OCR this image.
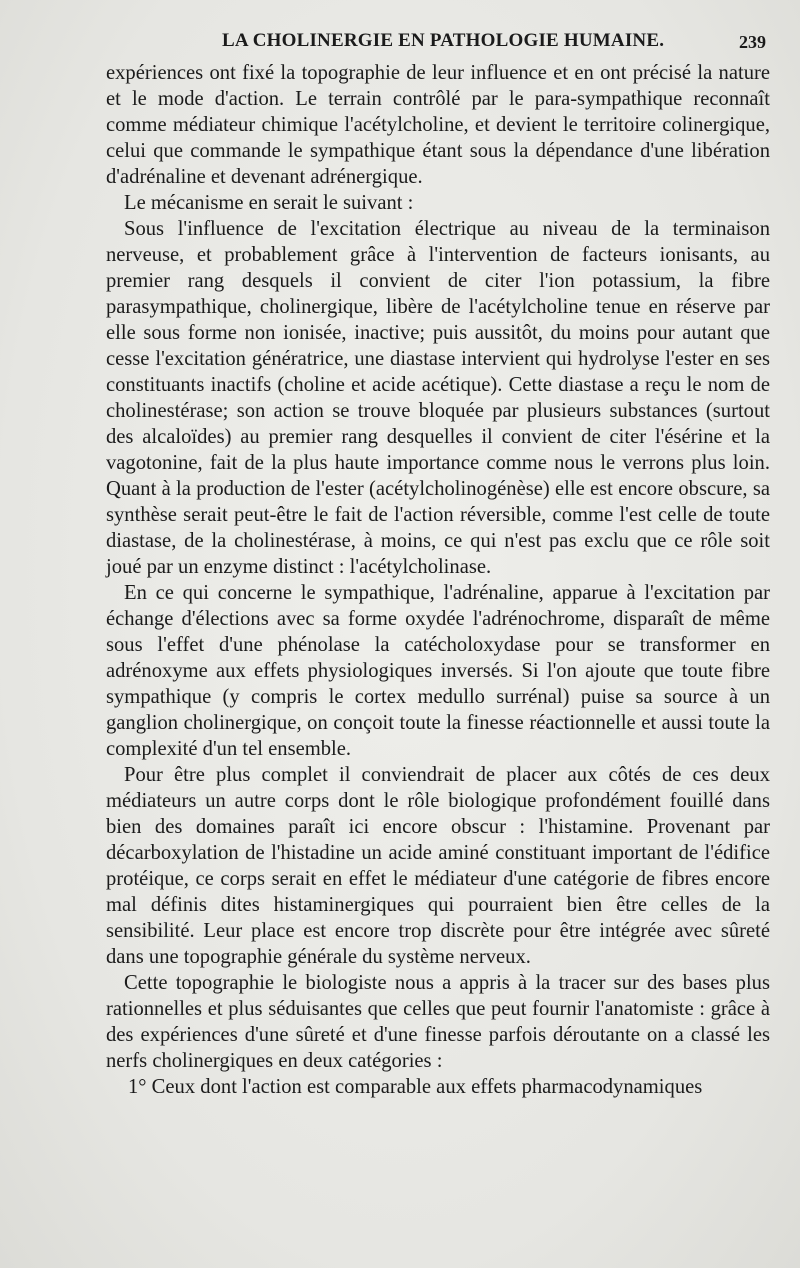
LA CHOLINERGIE EN PATHOLOGIE HUMAINE.	239

expériences ont fixé la topographie de leur influence et en ont précisé la nature et le mode d'action. Le terrain contrôlé par le para-sympathique reconnaît comme médiateur chimique l'acétylcholine, et devient le territoire colinergique, celui que commande le sympathique étant sous la dépendance d'une libération d'adrénaline et devenant adrénergique.

Le mécanisme en serait le suivant :

Sous l'influence de l'excitation électrique au niveau de la terminaison nerveuse, et probablement grâce à l'intervention de facteurs ionisants, au premier rang desquels il convient de citer l'ion potassium, la fibre parasympathique, cholinergique, libère de l'acétylcholine tenue en réserve par elle sous forme non ionisée, inactive; puis aussitôt, du moins pour autant que cesse l'excitation génératrice, une diastase intervient qui hydrolyse l'ester en ses constituants inactifs (choline et acide acétique). Cette diastase a reçu le nom de cholinestérase; son action se trouve bloquée par plusieurs substances (surtout des alcaloïdes) au premier rang desquelles il convient de citer l'ésérine et la vagotonine, fait de la plus haute importance comme nous le verrons plus loin. Quant à la production de l'ester (acétylcholinogénèse) elle est encore obscure, sa synthèse serait peut-être le fait de l'action réversible, comme l'est celle de toute diastase, de la cholinestérase, à moins, ce qui n'est pas exclu que ce rôle soit joué par un enzyme distinct : l'acétylcholinase.

En ce qui concerne le sympathique, l'adrénaline, apparue à l'excitation par échange d'élections avec sa forme oxydée l'adrénochrome, disparaît de même sous l'effet d'une phénolase la catécholoxydase pour se transformer en adrénoxyme aux effets physiologiques inversés. Si l'on ajoute que toute fibre sympathique (y compris le cortex medullo surrénal) puise sa source à un ganglion cholinergique, on conçoit toute la finesse réactionnelle et aussi toute la complexité d'un tel ensemble.

Pour être plus complet il conviendrait de placer aux côtés de ces deux médiateurs un autre corps dont le rôle biologique profondément fouillé dans bien des domaines paraît ici encore obscur : l'histamine. Provenant par décarboxylation de l'histadine un acide aminé constituant important de l'édifice protéique, ce corps serait en effet le médiateur d'une catégorie de fibres encore mal définis dites histaminergiques qui pourraient bien être celles de la sensibilité. Leur place est encore trop discrète pour être intégrée avec sûreté dans une topographie générale du système nerveux.

Cette topographie le biologiste nous a appris à la tracer sur des bases plus rationnelles et plus séduisantes que celles que peut fournir l'anatomiste : grâce à des expériences d'une sûreté et d'une finesse parfois déroutante on a classé les nerfs cholinergiques en deux catégories :

1° Ceux dont l'action est comparable aux effets pharmacodynamiques
